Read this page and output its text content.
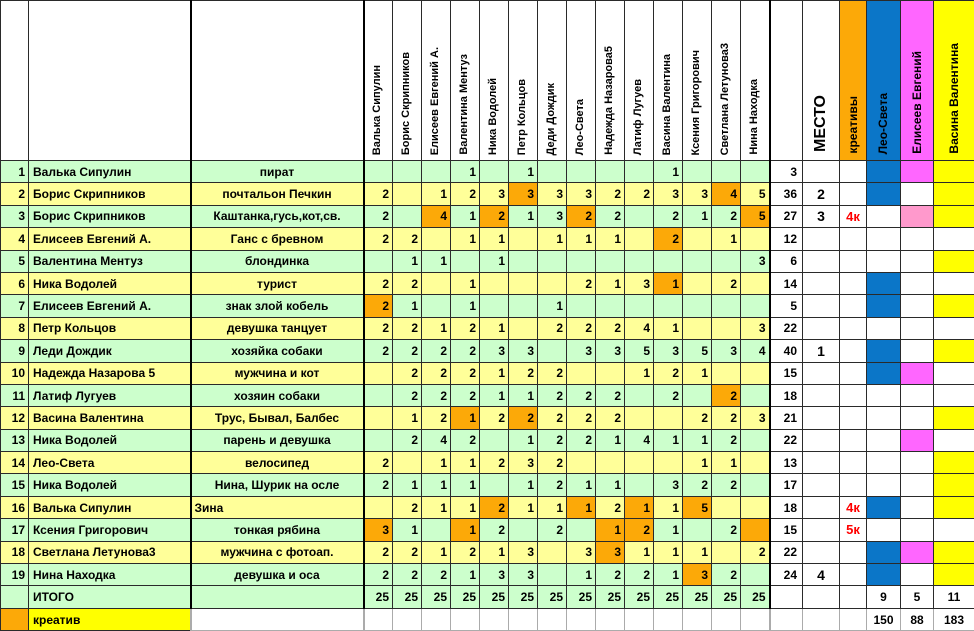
			Валька Сипулин	Борис Скрипников	Елисеев Евгений А.	Валентина Ментуз	Ника Водолей	Петр Кольцов	Деди Дождик	Лео-Света	Надежда Назарова5	Латиф Лугуев	Васина Валентина	Ксения Григорович	Светлана Летунова3	Нина Находка		МЕСТО	креативы	Лео-Света	Елисеев Евгений	Васина Валентина

1	Валька Сипулин	пират				1		1					1				3					
2	Борис Скрипников	почтальон Печкин	2		1	2	3	3	3	3	2	2	3	3	4	5	36	2				
3	Борис Скрипников	Каштанка,гусь,кот,св.	2		4	1	2	1	3	2	2		2	1	2	5	27	3	4к			
4	Елисеев Евгений А.	Ганс с бревном	2	2		1	1		1	1	1		2		1		12					
5	Валентина Ментуз	блондинка		1	1		1									3	6					
6	Ника Водолей	турист	2	2		1				2	1	3	1		2		14					
7	Елисеев Евгений А.	знак злой кобель	2	1		1			1								5					
8	Петр Кольцов	девушка танцует	2	2	1	2	1		2	2	2	4	1			3	22					
9	Леди Дождик	хозяйка собаки	2	2	2	2	3	3		3	3	5	3	5	3	4	40	1				
10	Надежда Назарова 5	мужчина и кот		2	2	2	1	2	2			1	2	1			15					
11	Латиф Лугуев	хозяин собаки		2	2	2	1	1	2	2	2		2		2		18					
12	Васина Валентина	Трус, Бывал, Балбес		1	2	1	2	2	2	2	2			2	2	3	21					
13	Ника Водолей	парень и девушка		2	4	2		1	2	2	1	4	1	1	2		22					
14	Лео-Света	велосипед	2		1	1	2	3	2					1	1		13					
15	Ника Водолей	Нина, Шурик на осле	2	1	1	1		1	2	1	1		3	2	2		17					
16	Валька Сипулин	Зина		2	1	1	2	1	1	1	2	1	1	5			18		4к			
17	Ксения Григорович	тонкая рябина	3	1		1	2		2		1	2	1		2		15		5к			
18	Светлана Летунова3	мужчина с фотоап.	2	2	1	2	1	3		3	3	1	1	1		2	22					
19	Нина Находка	девушка и оса	2	2	2	1	3	3		1	2	2	1	3	2		24	4				
	ИТОГО		25	25	25	25	25	25	25	25	25	25	25	25	25	25				9	5	11
	креатив																			150	88	183
